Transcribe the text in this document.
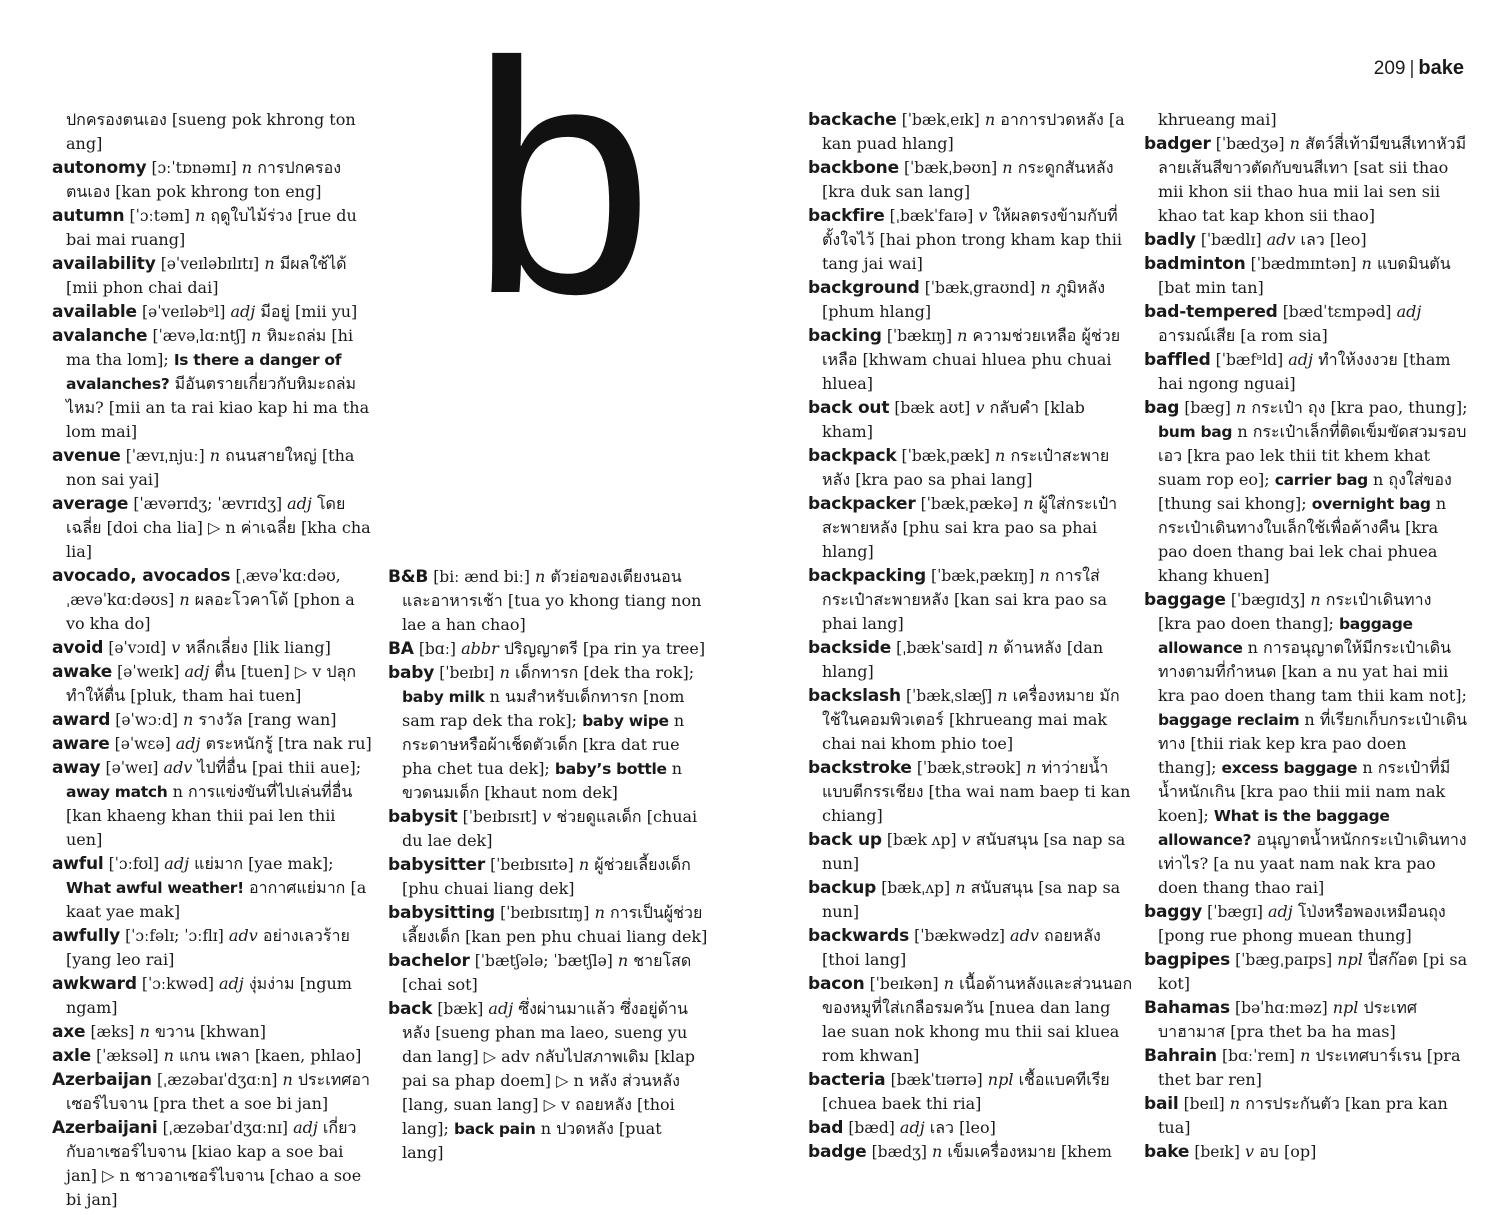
209 | bake
b
ปกครองตนเอง [sueng pok khrong ton ang]
autonomy [ɔːˈtɒnəmɪ] n การปกครองตนเอง [kan pok khrong ton eng]
autumn [ˈɔːtəm] n ฤดูใบไม้ร่วง [rue du bai mai ruang]
availability [əˈveɪləbɪlɪtɪ] n มีผลใช้ได้ [mii phon chai dai]
available [əˈveɪləbᵊl] adj มีอยู่ [mii yu]
avalanche [ˈævəˌlɑːntʃ] n หิมะถล่ม [hi ma tha lom]; Is there a danger of avalanches? มีอันตรายเกี่ยวกับหิมะถล่มไหม? [mii an ta rai kiao kap hi ma tha lom mai]
avenue [ˈævɪˌnjuː] n ถนนสายใหญ่ [tha non sai yai]
average [ˈævərɪdʒ; ˈævrɪdʒ] adj โดยเฉลี่ย [doi cha lia] ▷ n ค่าเฉลี่ย [kha cha lia]
avocado, avocados [ˌævəˈkɑːdəʊ, ˌævəˈkɑːdəʊs] n ผลอะโวคาโด้ [phon a vo kha do]
avoid [əˈvɔɪd] v หลีกเลี่ยง [lik liang]
awake [əˈweɪk] adj ตื่น [tuen] ▷ v ปลุกทำให้ตื่น [pluk, tham hai tuen]
award [əˈwɔːd] n รางวัล [rang wan]
aware [əˈwɛə] adj ตระหนักรู้ [tra nak ru]
away [əˈweɪ] adv ไปที่อื่น [pai thii aue]; away match n การแข่งขันที่ไปเล่นที่อื่น [kan khaeng khan thii pai len thii uen]
awful [ˈɔːfʊl] adj แย่มาก [yae mak]; What awful weather! อากาศแย่มาก [a kaat yae mak]
awfully [ˈɔːfəlɪ; ˈɔːflɪ] adv อย่างเลวร้าย [yang leo rai]
awkward [ˈɔːkwəd] adj งุ่มง่าม [ngum ngam]
axe [æks] n ขวาน [khwan]
axle [ˈæksəl] n แกน เพลา [kaen, phlao]
Azerbaijan [ˌæzəbaɪˈdʒɑːn] n ประเทศอาเซอร์ไบจาน [pra thet a soe bi jan]
Azerbaijani [ˌæzəbaɪˈdʒɑːnɪ] adj เกี่ยวกับอาเซอร์ไบจาน [kiao kap a soe bai jan] ▷ n ชาวอาเซอร์ไบจาน [chao a soe bi jan]
B&B [biː ænd biː] n ตัวย่อของเตียงนอนและอาหารเช้า [tua yo khong tiang non lae a han chao]
BA [bɑː] abbr ปริญญาตรี [pa rin ya tree]
baby [ˈbeɪbɪ] n เด็กทารก [dek tha rok]; baby milk n นมสำหรับเด็กทารก [nom sam rap dek tha rok]; baby wipe n กระดาษหรือผ้าเช็ดตัวเด็ก [kra dat rue pha chet tua dek]; baby’s bottle n ขวดนมเด็ก [khaut nom dek]
babysit [ˈbeɪbɪsɪt] v ช่วยดูแลเด็ก [chuai du lae dek]
babysitter [ˈbeɪbɪsɪtə] n ผู้ช่วยเลี้ยงเด็ก [phu chuai liang dek]
babysitting [ˈbeɪbɪsɪtɪŋ] n การเป็นผู้ช่วยเลี้ยงเด็ก [kan pen phu chuai liang dek]
bachelor [ˈbætʃələ; ˈbætʃlə] n ชายโสด [chai sot]
back [bæk] adj ซึ่งผ่านมาแล้ว ซึ่งอยู่ด้านหลัง [sueng phan ma laeo, sueng yu dan lang] ▷ adv กลับไปสภาพเดิม [klap pai sa phap doem] ▷ n หลัง ส่วนหลัง [lang, suan lang] ▷ v ถอยหลัง [thoi lang]; back pain n ปวดหลัง [puat lang]
backache [ˈbækˌeɪk] n อาการปวดหลัง [a kan puad hlang]
backbone [ˈbækˌbəʊn] n กระดูกสันหลัง [kra duk san lang]
backfire [ˌbækˈfaɪə] v ให้ผลตรงข้ามกับที่ตั้งใจไว้ [hai phon trong kham kap thii tang jai wai]
background [ˈbækˌgraʊnd] n ภูมิหลัง [phum hlang]
backing [ˈbækɪŋ] n ความช่วยเหลือ ผู้ช่วยเหลือ [khwam chuai hluea phu chuai hluea]
back out [bæk aʊt] v กลับคำ [klab kham]
backpack [ˈbækˌpæk] n กระเป๋าสะพายหลัง [kra pao sa phai lang]
backpacker [ˈbækˌpækə] n ผู้ใส่กระเป๋าสะพายหลัง [phu sai kra pao sa phai hlang]
backpacking [ˈbækˌpækɪŋ] n การใส่กระเป๋าสะพายหลัง [kan sai kra pao sa phai lang]
backside [ˌbækˈsaɪd] n ด้านหลัง [dan hlang]
backslash [ˈbækˌslæʃ] n เครื่องหมาย มักใช้ในคอมพิวเตอร์ [khrueang mai mak chai nai khom phio toe]
backstroke [ˈbækˌstrəʊk] n ท่าว่ายน้ำแบบตีกรรเชียง [tha wai nam baep ti kan chiang]
back up [bæk ʌp] v สนับสนุน [sa nap sa nun]
backup [bækˌʌp] n สนับสนุน [sa nap sa nun]
backwards [ˈbækwədz] adv ถอยหลัง [thoi lang]
bacon [ˈbeɪkən] n เนื้อด้านหลังและส่วนนอกของหมูที่ใส่เกลือรมควัน [nuea dan lang lae suan nok khong mu thii sai kluea rom khwan]
bacteria [bækˈtɪərɪə] npl เชื้อแบคทีเรีย [chuea baek thi ria]
bad [bæd] adj เลว [leo]
badge [bædʒ] n เข็มเครื่องหมาย [khem
khrueang mai]
badger [ˈbædʒə] n สัตว์สี่เท้ามีขนสีเทาหัวมีลายเส้นสีขาวตัดกับขนสีเทา [sat sii thao mii khon sii thao hua mii lai sen sii khao tat kap khon sii thao]
badly [ˈbædlɪ] adv เลว [leo]
badminton [ˈbædmɪntən] n แบดมินตัน [bat min tan]
bad-tempered [bædˈtɛmpəd] adj อารมณ์เสีย [a rom sia]
baffled [ˈbæfᵊld] adj ทำให้งงงวย [tham hai ngong nguai]
bag [bæg] n กระเป๋า ถุง [kra pao, thung]; bum bag n กระเป๋าเล็กที่ติดเข็มขัดสวมรอบเอว [kra pao lek thii tit khem khat suam rop eo]; carrier bag n ถุงใส่ของ [thung sai khong]; overnight bag n กระเป๋าเดินทางใบเล็กใช้เพื่อค้างคืน [kra pao doen thang bai lek chai phuea khang khuen]
baggage [ˈbægɪdʒ] n กระเป๋าเดินทาง [kra pao doen thang]; baggage allowance n การอนุญาตให้มีกระเป๋าเดินทางตามที่กำหนด [kan a nu yat hai mii kra pao doen thang tam thii kam not]; baggage reclaim n ที่เรียกเก็บกระเป๋าเดินทาง [thii riak kep kra pao doen thang]; excess baggage n กระเป๋าที่มีน้ำหนักเกิน [kra pao thii mii nam nak koen]; What is the baggage allowance? อนุญาตน้ำหนักกระเป๋าเดินทางเท่าไร? [a nu yaat nam nak kra pao doen thang thao rai]
baggy [ˈbægɪ] adj โป่งหรือพองเหมือนถุง [pong rue phong muean thung]
bagpipes [ˈbægˌpaɪps] npl ปี่สก๊อต [pi sa kot]
Bahamas [bəˈhɑːməz] npl ประเทศบาฮามาส [pra thet ba ha mas]
Bahrain [bɑːˈreɪn] n ประเทศบาร์เรน [pra thet bar ren]
bail [beɪl] n การประกันตัว [kan pra kan tua]
bake [beɪk] v อบ [op]
